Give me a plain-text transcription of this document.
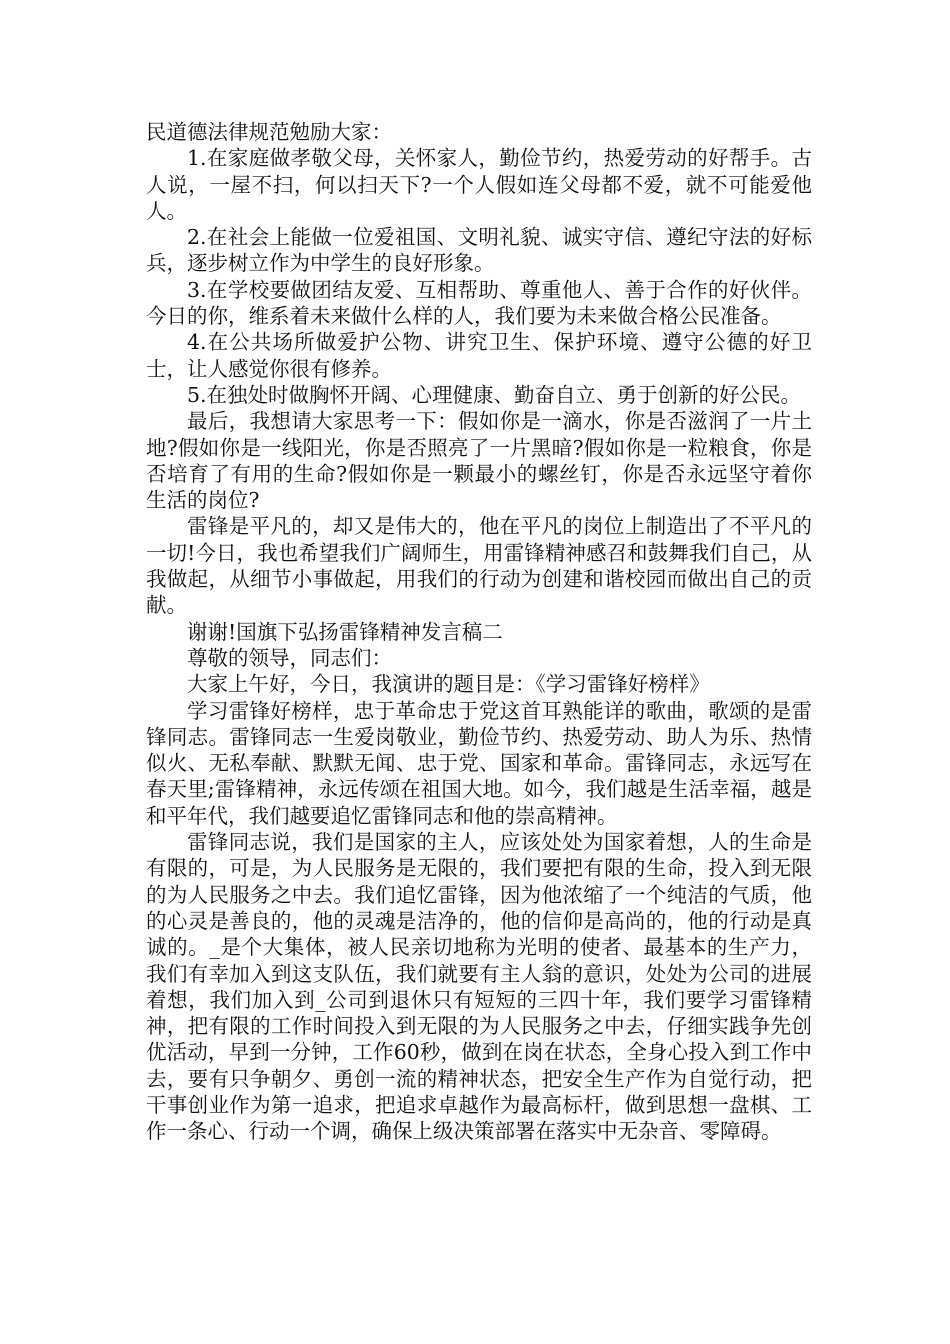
民道德法律规范勉励大家：

1.在家庭做孝敬父母，关怀家人，勤俭节约，热爱劳动的好帮手。古人说，一屋不扫，何以扫天下?一个人假如连父母都不爱，就不可能爱他人。

2.在社会上能做一位爱祖国、文明礼貌、诚实守信、遵纪守法的好标兵，逐步树立作为中学生的良好形象。

3.在学校要做团结友爱、互相帮助、尊重他人、善于合作的好伙伴。今日的你，维系着未来做什么样的人，我们要为未来做合格公民准备。

4.在公共场所做爱护公物、讲究卫生、保护环境、遵守公德的好卫士，让人感觉你很有修养。

5.在独处时做胸怀开阔、心理健康、勤奋自立、勇于创新的好公民。

最后，我想请大家思考一下：假如你是一滴水，你是否滋润了一片土地?假如你是一线阳光，你是否照亮了一片黑暗?假如你是一粒粮食，你是否培育了有用的生命?假如你是一颗最小的螺丝钉，你是否永远坚守着你生活的岗位?

雷锋是平凡的，却又是伟大的，他在平凡的岗位上制造出了不平凡的一切!今日，我也希望我们广阔师生，用雷锋精神感召和鼓舞我们自己，从我做起，从细节小事做起，用我们的行动为创建和谐校园而做出自己的贡献。

谢谢!国旗下弘扬雷锋精神发言稿二

尊敬的领导，同志们：

大家上午好，今日，我演讲的题目是：《学习雷锋好榜样》

学习雷锋好榜样，忠于革命忠于党这首耳熟能详的歌曲，歌颂的是雷锋同志。雷锋同志一生爱岗敬业，勤俭节约、热爱劳动、助人为乐、热情似火、无私奉献、默默无闻、忠于党、国家和革命。雷锋同志，永远写在春天里;雷锋精神，永远传颂在祖国大地。如今，我们越是生活幸福，越是和平年代，我们越要追忆雷锋同志和他的崇高精神。

雷锋同志说，我们是国家的主人，应该处处为国家着想，人的生命是有限的，可是，为人民服务是无限的，我们要把有限的生命，投入到无限的为人民服务之中去。我们追忆雷锋，因为他浓缩了一个纯洁的气质，他的心灵是善良的，他的灵魂是洁净的，他的信仰是高尚的，他的行动是真诚的。_是个大集体，被人民亲切地称为光明的使者、最基本的生产力，我们有幸加入到这支队伍，我们就要有主人翁的意识，处处为公司的进展着想，我们加入到_公司到退休只有短短的三四十年，我们要学习雷锋精神，把有限的工作时间投入到无限的为人民服务之中去，仔细实践争先创优活动，早到一分钟，工作60秒，做到在岗在状态，全身心投入到工作中去，要有只争朝夕、勇创一流的精神状态，把安全生产作为自觉行动，把干事创业作为第一追求，把追求卓越作为最高标杆，做到思想一盘棋、工作一条心、行动一个调，确保上级决策部署在落实中无杂音、零障碍。
